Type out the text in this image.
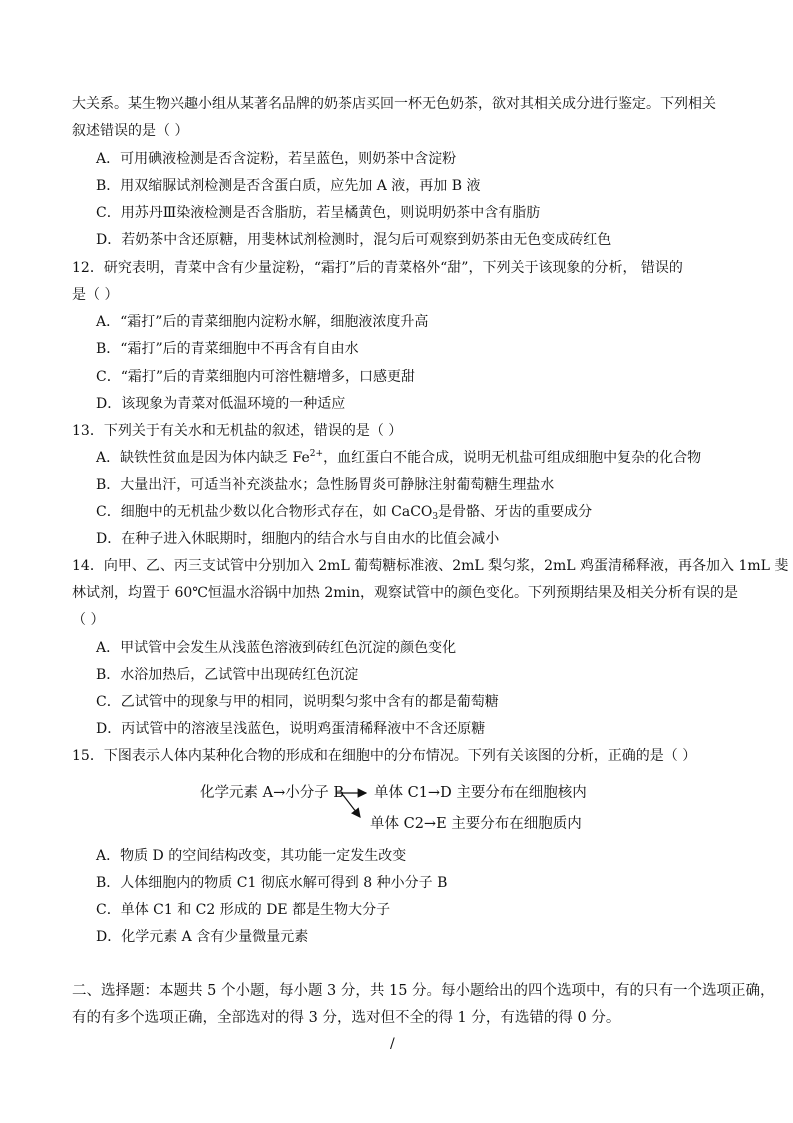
大关系。某生物兴趣小组从某著名品牌的奶茶店买回一杯无色奶茶，欲对其相关成分进行鉴定。下列相关
叙述错误的是（ ）
A．可用碘液检测是否含淀粉，若呈蓝色，则奶茶中含淀粉
B．用双缩脲试剂检测是否含蛋白质，应先加 A 液，再加 B 液
C．用苏丹Ⅲ染液检测是否含脂肪，若呈橘黄色，则说明奶茶中含有脂肪
D．若奶茶中含还原糖，用斐林试剂检测时，混匀后可观察到奶茶由无色变成砖红色
12．研究表明，青菜中含有少量淀粉，“霜打”后的青菜格外“甜”，下列关于该现象的分析， 错误的
是（ ）
A．“霜打”后的青菜细胞内淀粉水解，细胞液浓度升高
B．“霜打”后的青菜细胞中不再含有自由水
C．“霜打”后的青菜细胞内可溶性糖增多，口感更甜
D．该现象为青菜对低温环境的一种适应
13．下列关于有关水和无机盐的叙述，错误的是（ ）
A．缺铁性贫血是因为体内缺乏 $Fe^{2+}$，血红蛋白不能合成，说明无机盐可组成细胞中复杂的化合物
B．大量出汗，可适当补充淡盐水；急性肠胃炎可静脉注射葡萄糖生理盐水
C．细胞中的无机盐少数以化合物形式存在，如 CaCO$_3$是骨骼、牙齿的重要成分
D．在种子进入休眠期时，细胞内的结合水与自由水的比值会减小
14．向甲、乙、丙三支试管中分别加入 2mL 葡萄糖标准液、2mL 梨匀浆，2mL 鸡蛋清稀释液，再各加入 1mL 斐
林试剂，均置于 60℃恒温水浴锅中加热 2min，观察试管中的颜色变化。下列预期结果及相关分析有误的是
（ ）
A．甲试管中会发生从浅蓝色溶液到砖红色沉淀的颜色变化
B．水浴加热后，乙试管中出现砖红色沉淀
C．乙试管中的现象与甲的相同，说明梨匀浆中含有的都是葡萄糖
D．丙试管中的溶液呈浅蓝色，说明鸡蛋清稀释液中不含还原糖
15．下图表示人体内某种化合物的形成和在细胞中的分布情况。下列有关该图的分析，正确的是（ ）
化学元素 A→小分子 B 单体 C1→D 主要分布在细胞核内
单体 C2→E 主要分布在细胞质内
A．物质 D 的空间结构改变，其功能一定发生改变
B．人体细胞内的物质 C1 彻底水解可得到 8 种小分子 B
C．单体 C1 和 C2 形成的 DE 都是生物大分子
D．化学元素 A 含有少量微量元素
二、选择题：本题共 5 个小题，每小题 3 分，共 15 分。每小题给出的四个选项中，有的只有一个选项正确，
有的有多个选项正确，全部选对的得 3 分，选对但不全的得 1 分，有选错的得 0 分。
/
